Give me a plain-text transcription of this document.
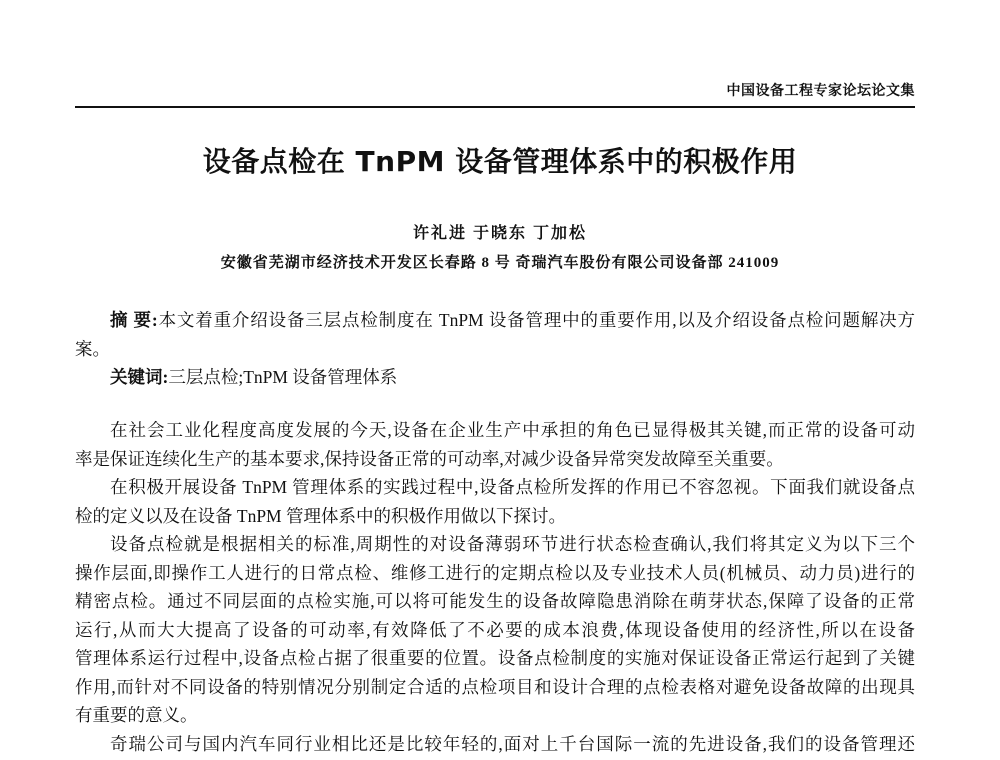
中国设备工程专家论坛论文集
设备点检在 TnPM 设备管理体系中的积极作用
许礼进 于晓东 丁加松
安徽省芜湖市经济技术开发区长春路 8 号 奇瑞汽车股份有限公司设备部 241009
摘 要:本文着重介绍设备三层点检制度在 TnPM 设备管理中的重要作用,以及介绍设备点检问题解决方
案。
关键词:三层点检;TnPM 设备管理体系
在社会工业化程度高度发展的今天,设备在企业生产中承担的角色已显得极其关键,而正常的设备可动
率是保证连续化生产的基本要求,保持设备正常的可动率,对减少设备异常突发故障至关重要。
在积极开展设备 TnPM 管理体系的实践过程中,设备点检所发挥的作用已不容忽视。下面我们就设备点
检的定义以及在设备 TnPM 管理体系中的积极作用做以下探讨。
设备点检就是根据相关的标准,周期性的对设备薄弱环节进行状态检查确认,我们将其定义为以下三个
操作层面,即操作工人进行的日常点检、维修工进行的定期点检以及专业技术人员(机械员、动力员)进行的
精密点检。通过不同层面的点检实施,可以将可能发生的设备故障隐患消除在萌芽状态,保障了设备的正常
运行,从而大大提高了设备的可动率,有效降低了不必要的成本浪费,体现设备使用的经济性,所以在设备
管理体系运行过程中,设备点检占据了很重要的位置。设备点检制度的实施对保证设备正常运行起到了关键
作用,而针对不同设备的特别情况分别制定合适的点检项目和设计合理的点检表格对避免设备故障的出现具
有重要的意义。
奇瑞公司与国内汽车同行业相比还是比较年轻的,面对上千台国际一流的先进设备,我们的设备管理还
